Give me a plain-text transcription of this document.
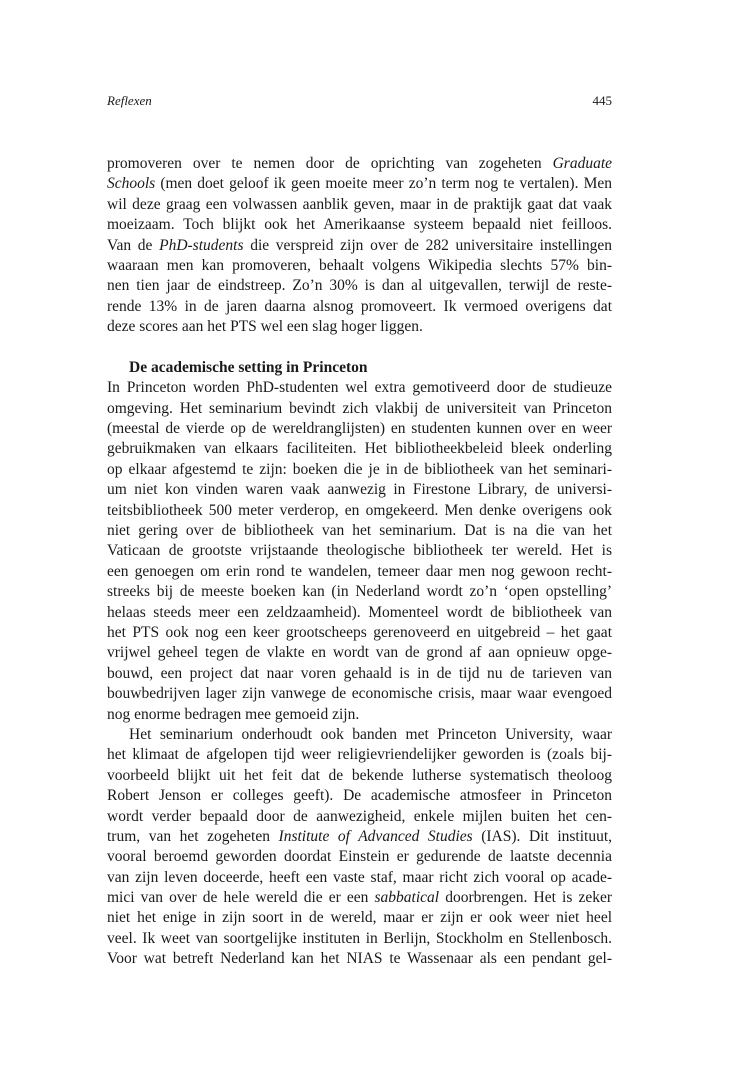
Reflexen	445
promoveren over te nemen door de oprichting van zogeheten Graduate
Schools (men doet geloof ik geen moeite meer zo’n term nog te vertalen). Men
wil deze graag een volwassen aanblik geven, maar in de praktijk gaat dat vaak
moeizaam. Toch blijkt ook het Amerikaanse systeem bepaald niet feilloos.
Van de PhD-students die verspreid zijn over de 282 universitaire instellingen
waaraan men kan promoveren, behaalt volgens Wikipedia slechts 57% bin-
nen tien jaar de eindstreep. Zo’n 30% is dan al uitgevallen, terwijl de reste-
rende 13% in de jaren daarna alsnog promoveert. Ik vermoed overigens dat
deze scores aan het PTS wel een slag hoger liggen.
De academische setting in Princeton
In Princeton worden PhD-studenten wel extra gemotiveerd door de studieuze
omgeving. Het seminarium bevindt zich vlakbij de universiteit van Princeton
(meestal de vierde op de wereldranglijsten) en studenten kunnen over en weer
gebruikmaken van elkaars faciliteiten. Het bibliotheekbeleid bleek onderling
op elkaar afgestemd te zijn: boeken die je in de bibliotheek van het seminari-
um niet kon vinden waren vaak aanwezig in Firestone Library, de universi-
teitsbibliotheek 500 meter verderop, en omgekeerd. Men denke overigens ook
niet gering over de bibliotheek van het seminarium. Dat is na die van het
Vaticaan de grootste vrijstaande theologische bibliotheek ter wereld. Het is
een genoegen om erin rond te wandelen, temeer daar men nog gewoon recht-
streeks bij de meeste boeken kan (in Nederland wordt zo’n ‘open opstelling’
helaas steeds meer een zeldzaamheid). Momenteel wordt de bibliotheek van
het PTS ook nog een keer grootscheeps gerenoveerd en uitgebreid – het gaat
vrijwel geheel tegen de vlakte en wordt van de grond af aan opnieuw opge-
bouwd, een project dat naar voren gehaald is in de tijd nu de tarieven van
bouwbedrijven lager zijn vanwege de economische crisis, maar waar evengoed
nog enorme bedragen mee gemoeid zijn.
Het seminarium onderhoudt ook banden met Princeton University, waar
het klimaat de afgelopen tijd weer religievriendelijker geworden is (zoals bij-
voorbeeld blijkt uit het feit dat de bekende lutherse systematisch theoloog
Robert Jenson er colleges geeft). De academische atmosfeer in Princeton
wordt verder bepaald door de aanwezigheid, enkele mijlen buiten het cen-
trum, van het zogeheten Institute of Advanced Studies (IAS). Dit instituut,
vooral beroemd geworden doordat Einstein er gedurende de laatste decennia
van zijn leven doceerde, heeft een vaste staf, maar richt zich vooral op acade-
mici van over de hele wereld die er een sabbatical doorbrengen. Het is zeker
niet het enige in zijn soort in de wereld, maar er zijn er ook weer niet heel
veel. Ik weet van soortgelijke instituten in Berlijn, Stockholm en Stellenbosch.
Voor wat betreft Nederland kan het NIAS te Wassenaar als een pendant gel-
